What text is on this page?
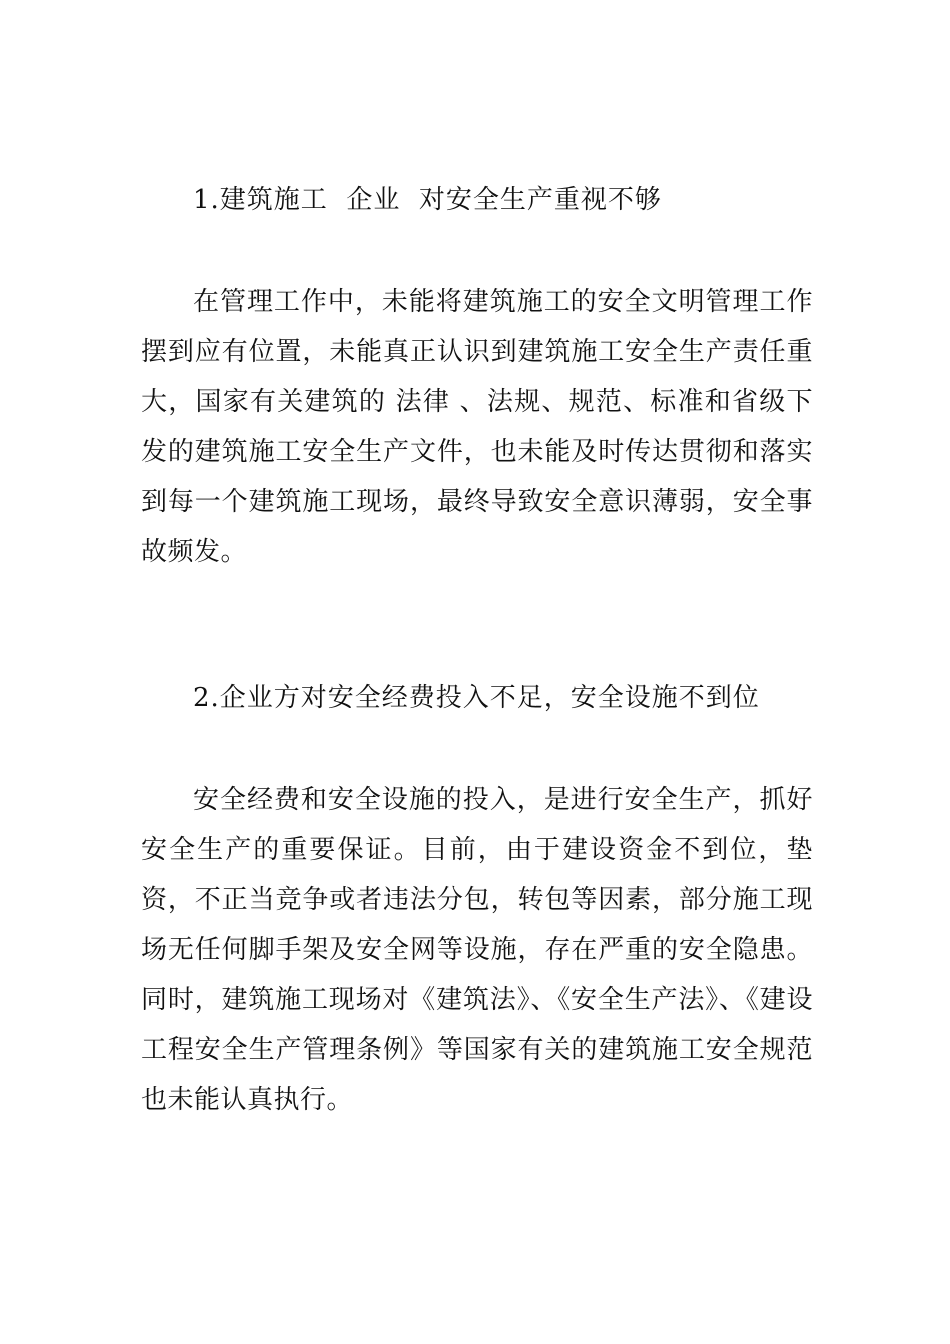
1.建筑施工  企业  对安全生产重视不够

在管理工作中，未能将建筑施工的安全文明管理工作摆到应有位置，未能真正认识到建筑施工安全生产责任重大，国家有关建筑的 法律 、法规、规范、标准和省级下发的建筑施工安全生产文件，也未能及时传达贯彻和落实到每一个建筑施工现场，最终导致安全意识薄弱，安全事故频发。

2.企业方对安全经费投入不足，安全设施不到位

安全经费和安全设施的投入，是进行安全生产，抓好安全生产的重要保证。目前，由于建设资金不到位，垫资，不正当竞争或者违法分包，转包等因素，部分施工现场无任何脚手架及安全网等设施，存在严重的安全隐患。同时，建筑施工现场对《建筑法》、《安全生产法》、《建设工程安全生产管理条例》等国家有关的建筑施工安全规范也未能认真执行。
